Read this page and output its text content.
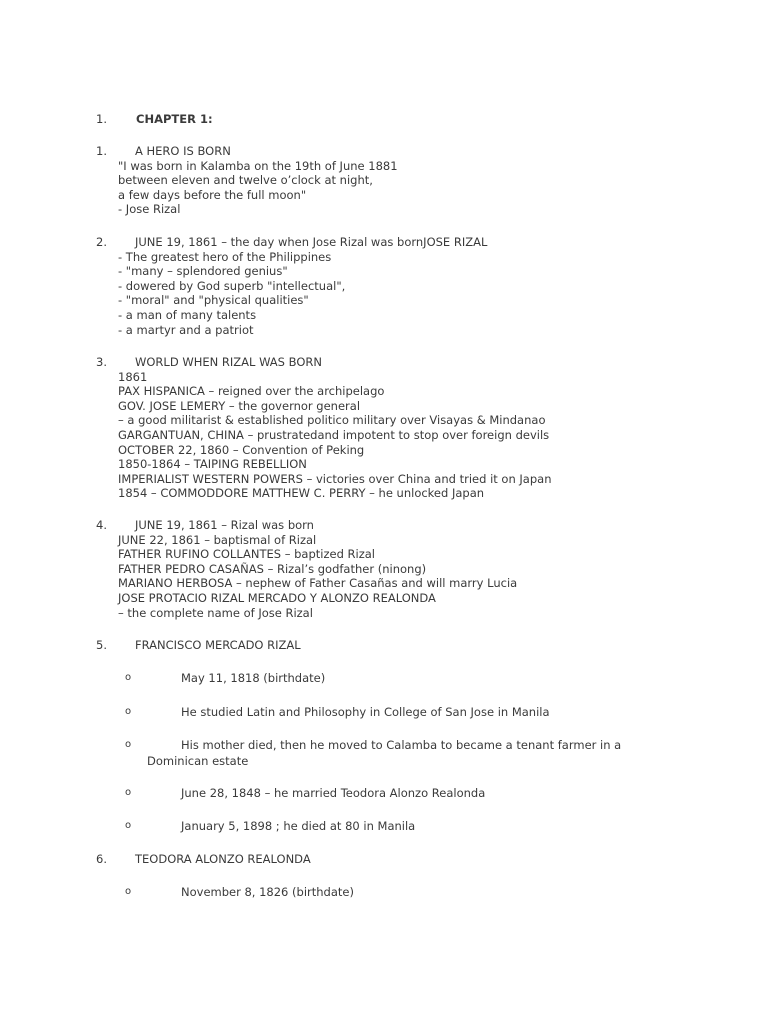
1.	CHAPTER 1:
1.	A HERO IS BORN
"I was born in Kalamba on the 19th of June 1881
between eleven and twelve o’clock at night,
a few days before the full moon"
- Jose Rizal
2.	JUNE 19, 1861 – the day when Jose Rizal was bornJOSE RIZAL
- The greatest hero of the Philippines
- "many – splendored genius"
- dowered by God superb "intellectual",
- "moral" and "physical qualities"
- a man of many talents
- a martyr and a patriot
3.	WORLD WHEN RIZAL WAS BORN
1861
PAX HISPANICA – reigned over the archipelago
GOV. JOSE LEMERY – the governor general
– a good militarist & established politico military over Visayas & Mindanao
GARGANTUAN, CHINA – prustratedand impotent to stop over foreign devils
OCTOBER 22, 1860 – Convention of Peking
1850-1864 – TAIPING REBELLION
IMPERIALIST WESTERN POWERS – victories over China and tried it on Japan
1854 – COMMODDORE MATTHEW C. PERRY – he unlocked Japan
4.	JUNE 19, 1861 – Rizal was born
JUNE 22, 1861 – baptismal of Rizal
FATHER RUFINO COLLANTES – baptized Rizal
FATHER PEDRO CASAÑAS – Rizal’s godfather (ninong)
MARIANO HERBOSA – nephew of Father Casañas and will marry Lucia
JOSE PROTACIO RIZAL MERCADO Y ALONZO REALONDA
– the complete name of Jose Rizal
5.	FRANCISCO MERCADO RIZAL
o	May 11, 1818 (birthdate)
o	He studied Latin and Philosophy in College of San Jose in Manila
o	His mother died, then he moved to Calamba to became a tenant farmer in a
Dominican estate
o	June 28, 1848 – he married Teodora Alonzo Realonda
o	January 5, 1898 ; he died at 80 in Manila
6.	TEODORA ALONZO REALONDA
o	November 8, 1826 (birthdate)
